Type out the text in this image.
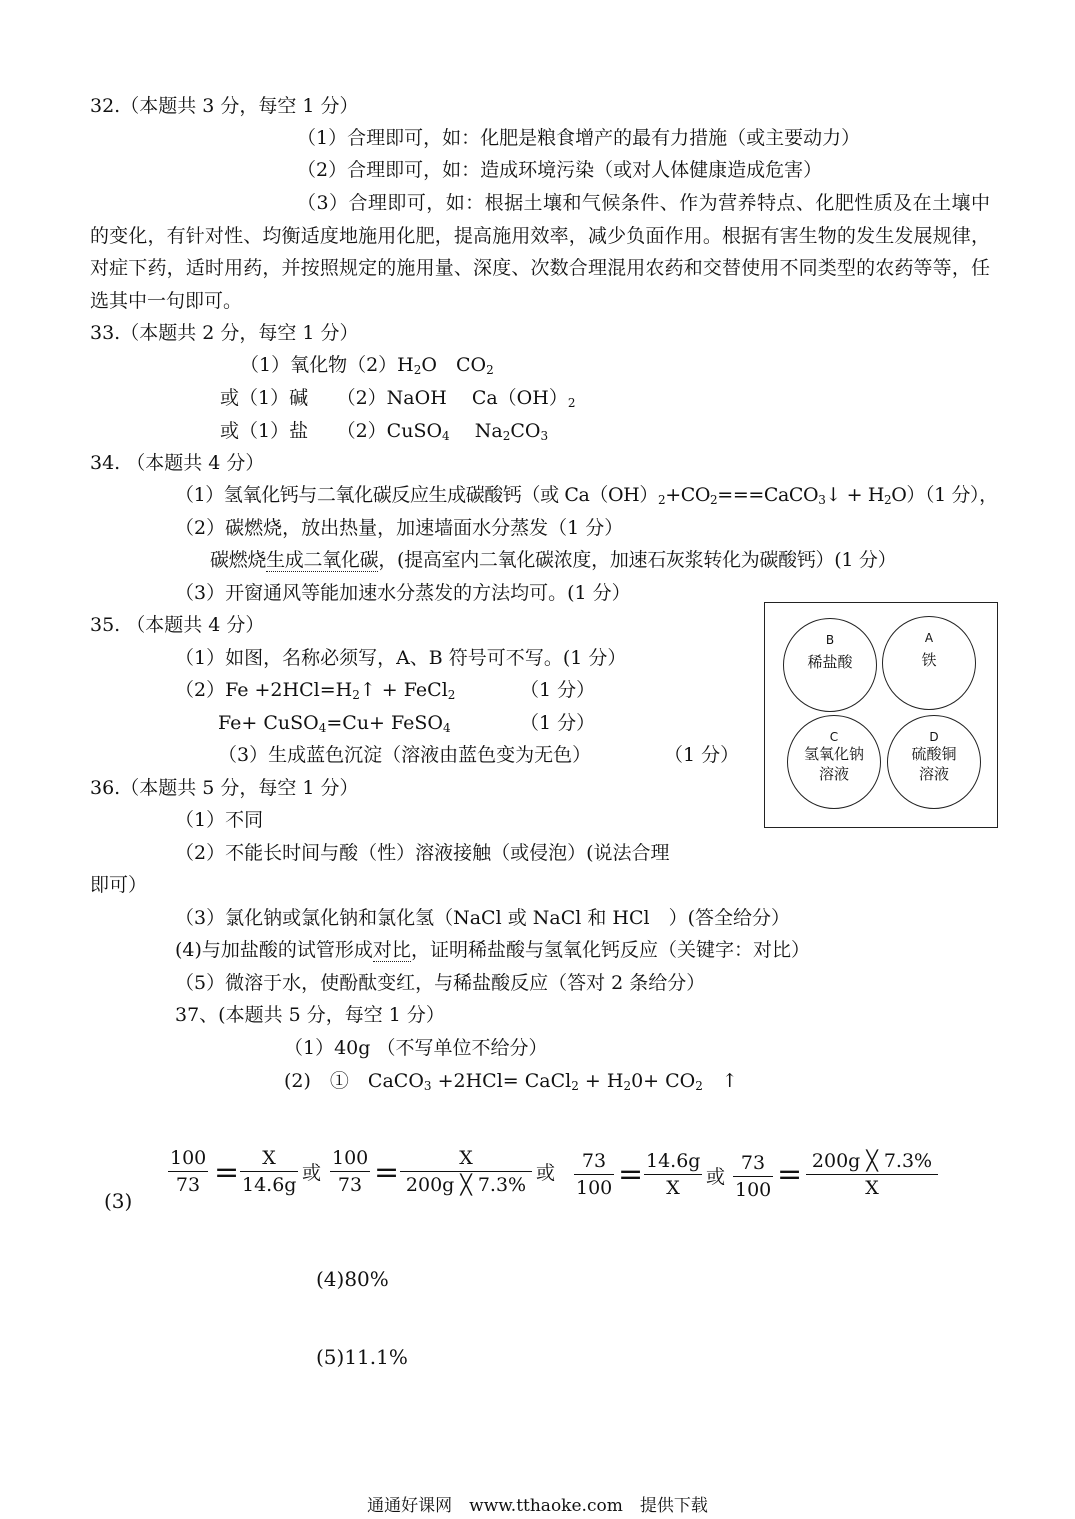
32.（本题共 3 分，每空 1 分）
（1）合理即可，如：化肥是粮食增产的最有力措施（或主要动力）
（2）合理即可，如：造成环境污染（或对人体健康造成危害）
（3）合理即可，如：根据土壤和气候条件、作为营养特点、化肥性质及在土壤中的变化，有针对性、均衡适度地施用化肥，提高施用效率，减少负面作用。根据有害生物的发生发展规律，对症下药，适时用药，并按照规定的施用量、深度、次数合理混用农药和交替使用不同类型的农药等等，任选其中一句即可。
33.（本题共 2 分，每空 1 分）
（1）氧化物$(2)H_2O$　$CO_2$
或（1）碱　　（2）NaOH　 $Ca(OH)_2$
或（1）盐　　（2）CuSO$_4$　 $Na_2CO_3$
34. （本题共 4 分）
（1）氢氧化钙与二氧化碳反应生成碳酸钙（或 $Ca(OH)_2+CO_2===CaCO_3↓ + H_2O)(1$ 分），
（2）碳燃烧，放出热量，加速墙面水分蒸发（1 分）
碳燃烧生成二氧化碳，(提高室内二氧化碳浓度，加速石灰浆转化为碳酸钙）(1 分）
（3）开窗通风等能加速水分蒸发的方法均可。(1 分）
35. （本题共 4 分）
（1）如图，名称必须写，A、B 符号可不写。(1 分）
$(2)Fe +2HCl=H_2↑$ + FeCl$_2$	（1 分）
Fe+ CuSO$_4$=Cu+ FeSO$_4$	（1 分）
（3）生成蓝色沉淀（溶液由蓝色变为无色）	（1 分）
B
稀盐酸
A
铁
C
氢氧化钠
溶液
D
硫酸铜
溶液
36.（本题共 5 分，每空 1 分）
（1）不同
（2）不能长时间与酸（性）溶液接触（或侵泡）(说法合理
即可）
（3）氯化钠或氯化钠和氯化氢（NaCl 或 NaCl 和 HCl　）(答全给分）
(4)与加盐酸的试管形成对比，证明稀盐酸与氢氧化钙反应（关键字：对比）
（5）微溶于水，使酚酞变红，与稀盐酸反应（答对 2 条给分）
37、(本题共 5 分，每空 1 分）
（1）40g （不写单位不给分）
(2)　①　CaCO$_3$ +2HCl= CaCl$_2$ + $H_20+ CO_2$　↑
(3)
$\frac{100}{73} = \frac{X}{14.6g}$ 或 $\frac{100}{73} = \frac{X}{200g ╳ 7.3\%}$ 或 $\frac{73}{100} = \frac{14.6g}{X}$ 或 $\frac{73}{100} = \frac{200g ╳ 7.3\%}{X}$
(4)80%
(5)11.1%
通通好课网　www.tthaoke.com　提供下载
